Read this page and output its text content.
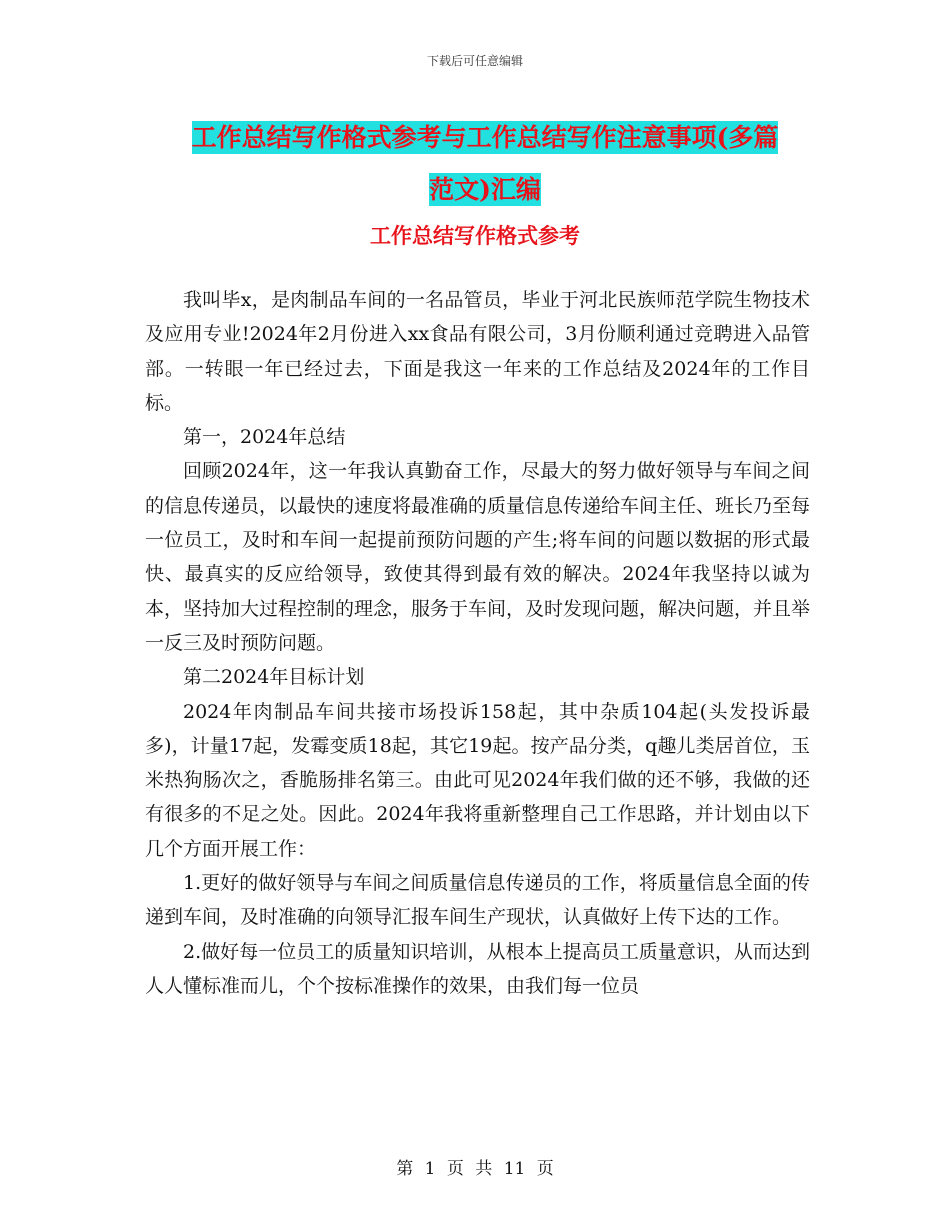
下载后可任意编辑
工作总结写作格式参考与工作总结写作注意事项(多篇
范文)汇编
工作总结写作格式参考

我叫毕x，是肉制品车间的一名品管员，毕业于河北民族师范学院生物技术及应用专业!2024年2月份进入xx食品有限公司，3月份顺利通过竞聘进入品管部。一转眼一年已经过去，下面是我这一年来的工作总结及2024年的工作目标。

第一，2024年总结

回顾2024年，这一年我认真勤奋工作，尽最大的努力做好领导与车间之间的信息传递员，以最快的速度将最准确的质量信息传递给车间主任、班长乃至每一位员工，及时和车间一起提前预防问题的产生;将车间的问题以数据的形式最快、最真实的反应给领导，致使其得到最有效的解决。2024年我坚持以诚为本，坚持加大过程控制的理念，服务于车间，及时发现问题，解决问题，并且举一反三及时预防问题。

第二2024年目标计划

2024年肉制品车间共接市场投诉158起，其中杂质104起(头发投诉最多)，计量17起，发霉变质18起，其它19起。按产品分类，q趣儿类居首位，玉米热狗肠次之，香脆肠排名第三。由此可见2024年我们做的还不够，我做的还有很多的不足之处。因此。2024年我将重新整理自己工作思路，并计划由以下几个方面开展工作：

1.更好的做好领导与车间之间质量信息传递员的工作，将质量信息全面的传递到车间，及时准确的向领导汇报车间生产现状，认真做好上传下达的工作。

2.做好每一位员工的质量知识培训，从根本上提高员工质量意识，从而达到人人懂标准而儿，个个按标准操作的效果，由我们每一位员

第 1 页 共 11 页
